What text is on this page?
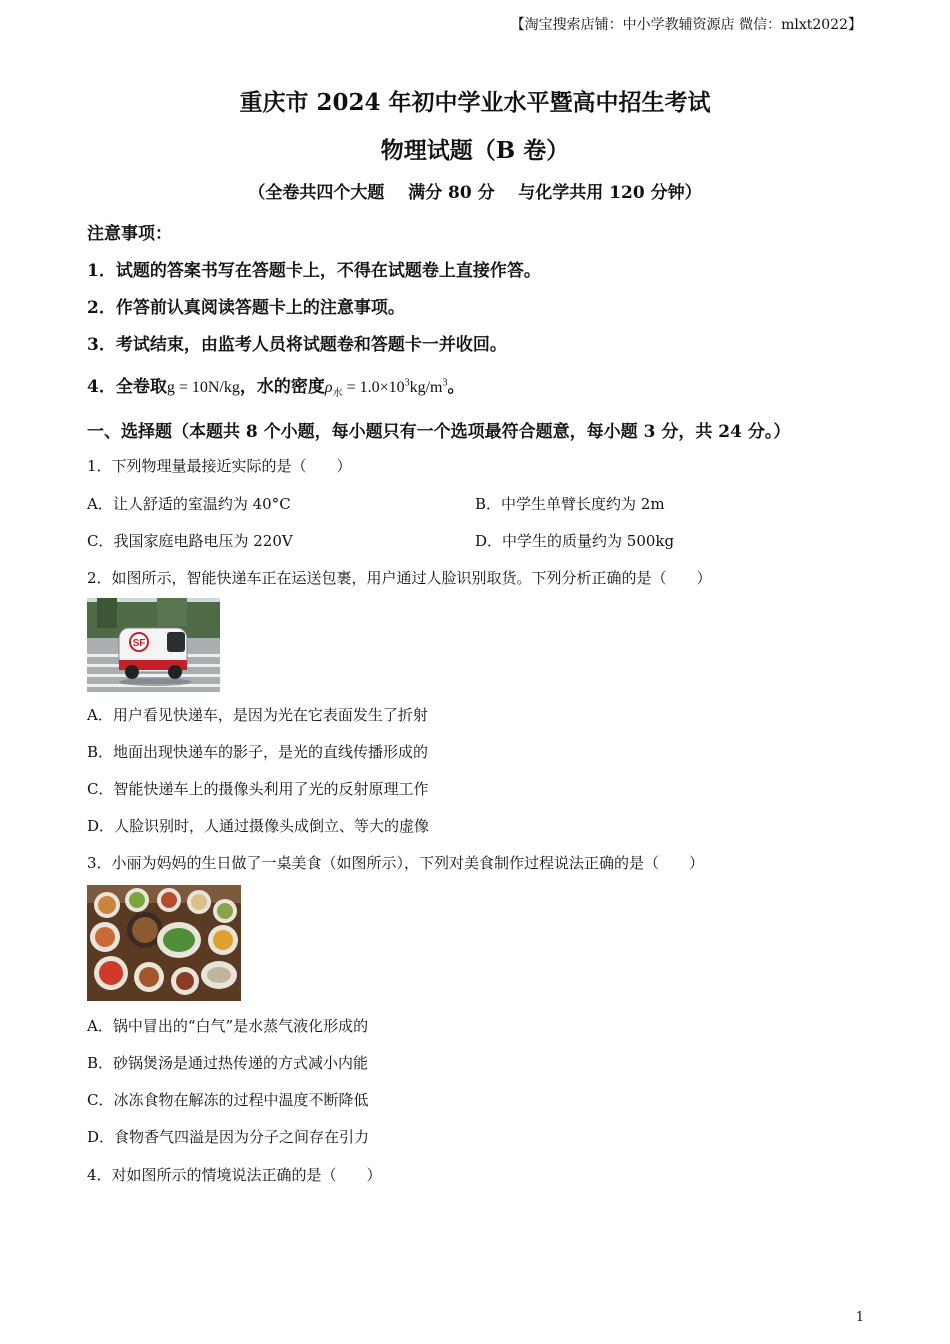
【淘宝搜索店铺：中小学教辅资源店 微信：mlxt2022】
重庆市 2024 年初中学业水平暨高中招生考试
物理试题（B 卷）
（全卷共四个大题    满分 80 分    与化学共用 120 分钟）
注意事项：
1．试题的答案书写在答题卡上，不得在试题卷上直接作答。
2．作答前认真阅读答题卡上的注意事项。
3．考试结束，由监考人员将试题卷和答题卡一并收回。
4．全卷取g = 10N/kg，水的密度$\rho_水 = 1.0\times 10^3kg/m^3$。
一、选择题（本题共 8 个小题，每小题只有一个选项最符合题意，每小题 3 分，共 24 分。）
1．下列物理量最接近实际的是（　　）
A．让人舒适的室温约为 40°C	B．中学生单臂长度约为 2m
C．我国家庭电路电压为 220V	D．中学生的质量约为 500kg
2．如图所示，智能快递车正在运送包裹，用户通过人脸识别取货。下列分析正确的是（　　）
SF
A．用户看见快递车，是因为光在它表面发生了折射
B．地面出现快递车的影子，是光的直线传播形成的
C．智能快递车上的摄像头利用了光的反射原理工作
D．人脸识别时，人通过摄像头成倒立、等大的虚像
3．小丽为妈妈的生日做了一桌美食（如图所示），下列对美食制作过程说法正确的是（　　）
A．锅中冒出的“白气”是水蒸气液化形成的
B．砂锅煲汤是通过热传递的方式减小内能
C．冰冻食物在解冻的过程中温度不断降低
D．食物香气四溢是因为分子之间存在引力
4．对如图所示的情境说法正确的是（　　）
1
